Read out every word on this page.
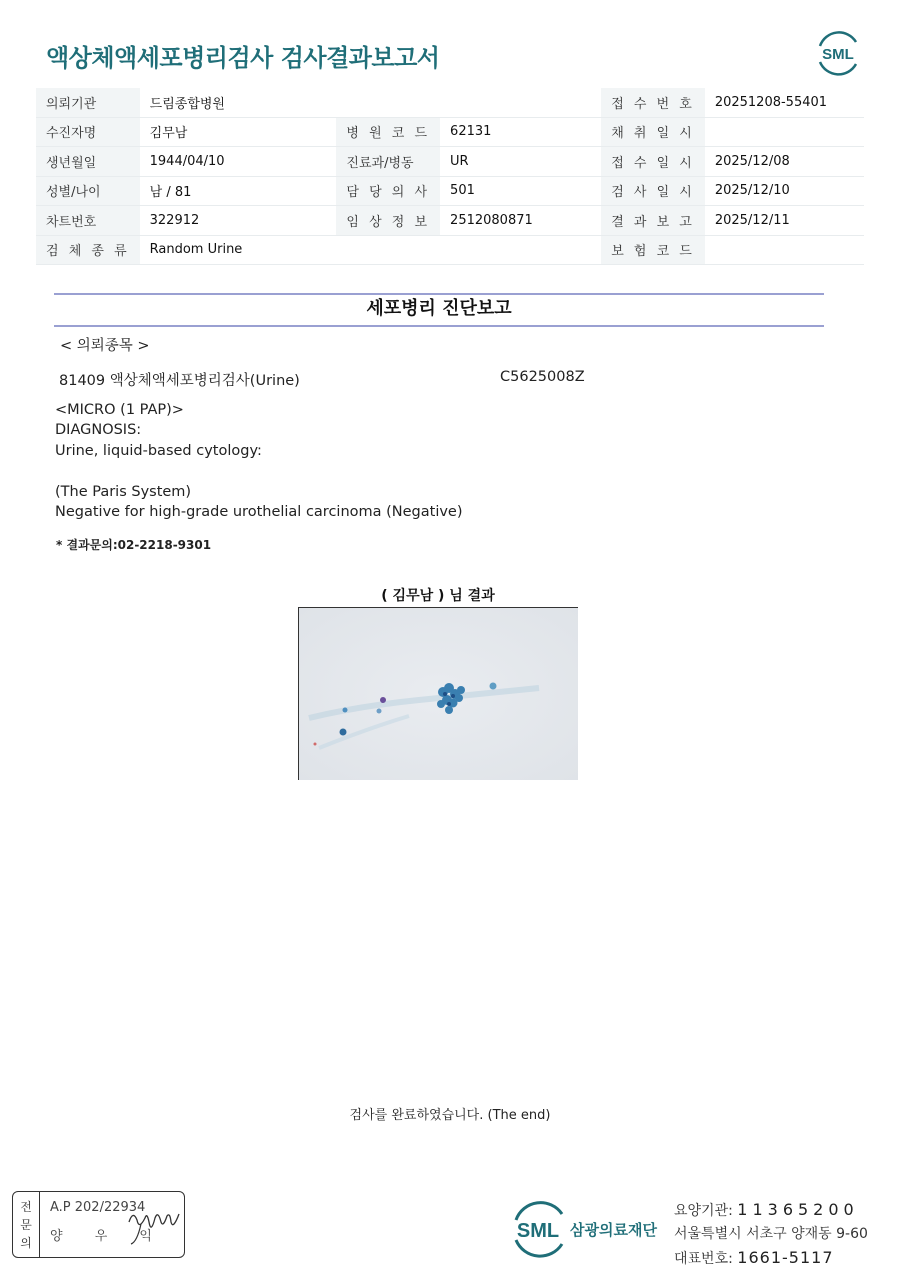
액상체액세포병리검사 검사결과보고서	SML
의뢰기관	드림종합병원			접 수 번 호	20251208-55401
수진자명	김무남	병 원 코 드	62131	채 취 일 시	
생년월일	1944/04/10	진료과/병동	UR	접 수 일 시	2025/12/08
성별/나이	남 / 81	담 당 의 사	501	검 사 일 시	2025/12/10
차트번호	322912	임 상 정 보	2512080871	결 과 보 고	2025/12/11
검 체 종 류	Random Urine			보 험 코 드	
세포병리 진단보고
< 의뢰종목 >
81409 액상체액세포병리검사(Urine)	C5625008Z
<MICRO (1 PAP)>
DIAGNOSIS:
Urine, liquid-based cytology:
(The Paris System)
Negative for high-grade urothelial carcinoma (Negative)
* 결과문의:02-2218-9301
( 김무남 ) 님 결과
검사를 완료하였습니다. (The end)
전
문
의
A.P 202/22934
양 우 익	SML 삼광의료재단
요양기관: 11365200
서울특별시 서초구 양재동 9-60
대표번호: 1661-5117
